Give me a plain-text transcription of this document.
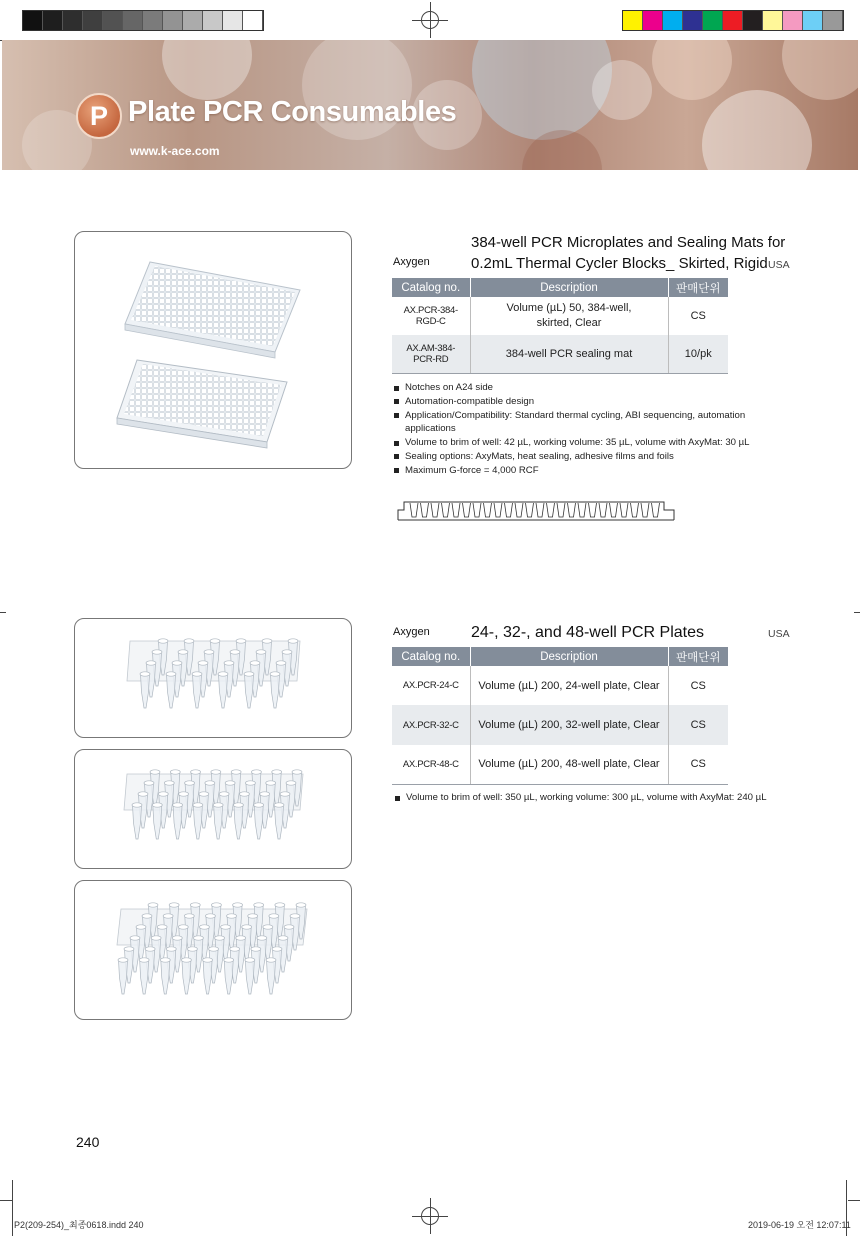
P Plate PCR Consumables
www.k-ace.com
Axygen
384-well PCR Microplates and Sealing Mats for
0.2mL Thermal Cycler Blocks_ Skirted, Rigid USA
Catalog no.	Description	판매단위
AX.PCR-384-RGD-C	Volume (µL) 50, 384-well, skirted, Clear	CS
AX.AM-384-PCR-RD	384-well PCR sealing mat	10/pk
Notches on A24 side
Automation-compatible design
Application/Compatibility: Standard thermal cycling, ABI sequencing, automation applications
Volume to brim of well: 42 µL, working volume: 35 µL, volume with AxyMat: 30 µL
Sealing options: AxyMats, heat sealing, adhesive films and foils
Maximum G-force = 4,000 RCF
Axygen	24-, 32-, and 48-well PCR Plates	USA
Catalog no.	Description	판매단위
AX.PCR-24-C	Volume (µL) 200, 24-well plate, Clear	CS
AX.PCR-32-C	Volume (µL) 200, 32-well plate, Clear	CS
AX.PCR-48-C	Volume (µL) 200, 48-well plate, Clear	CS
Volume to brim of well: 350 µL, working volume: 300 µL, volume with AxyMat: 240 µL
240
P2(209-254)_최종0618.indd 240	2019-06-19 오전 12:07:11
